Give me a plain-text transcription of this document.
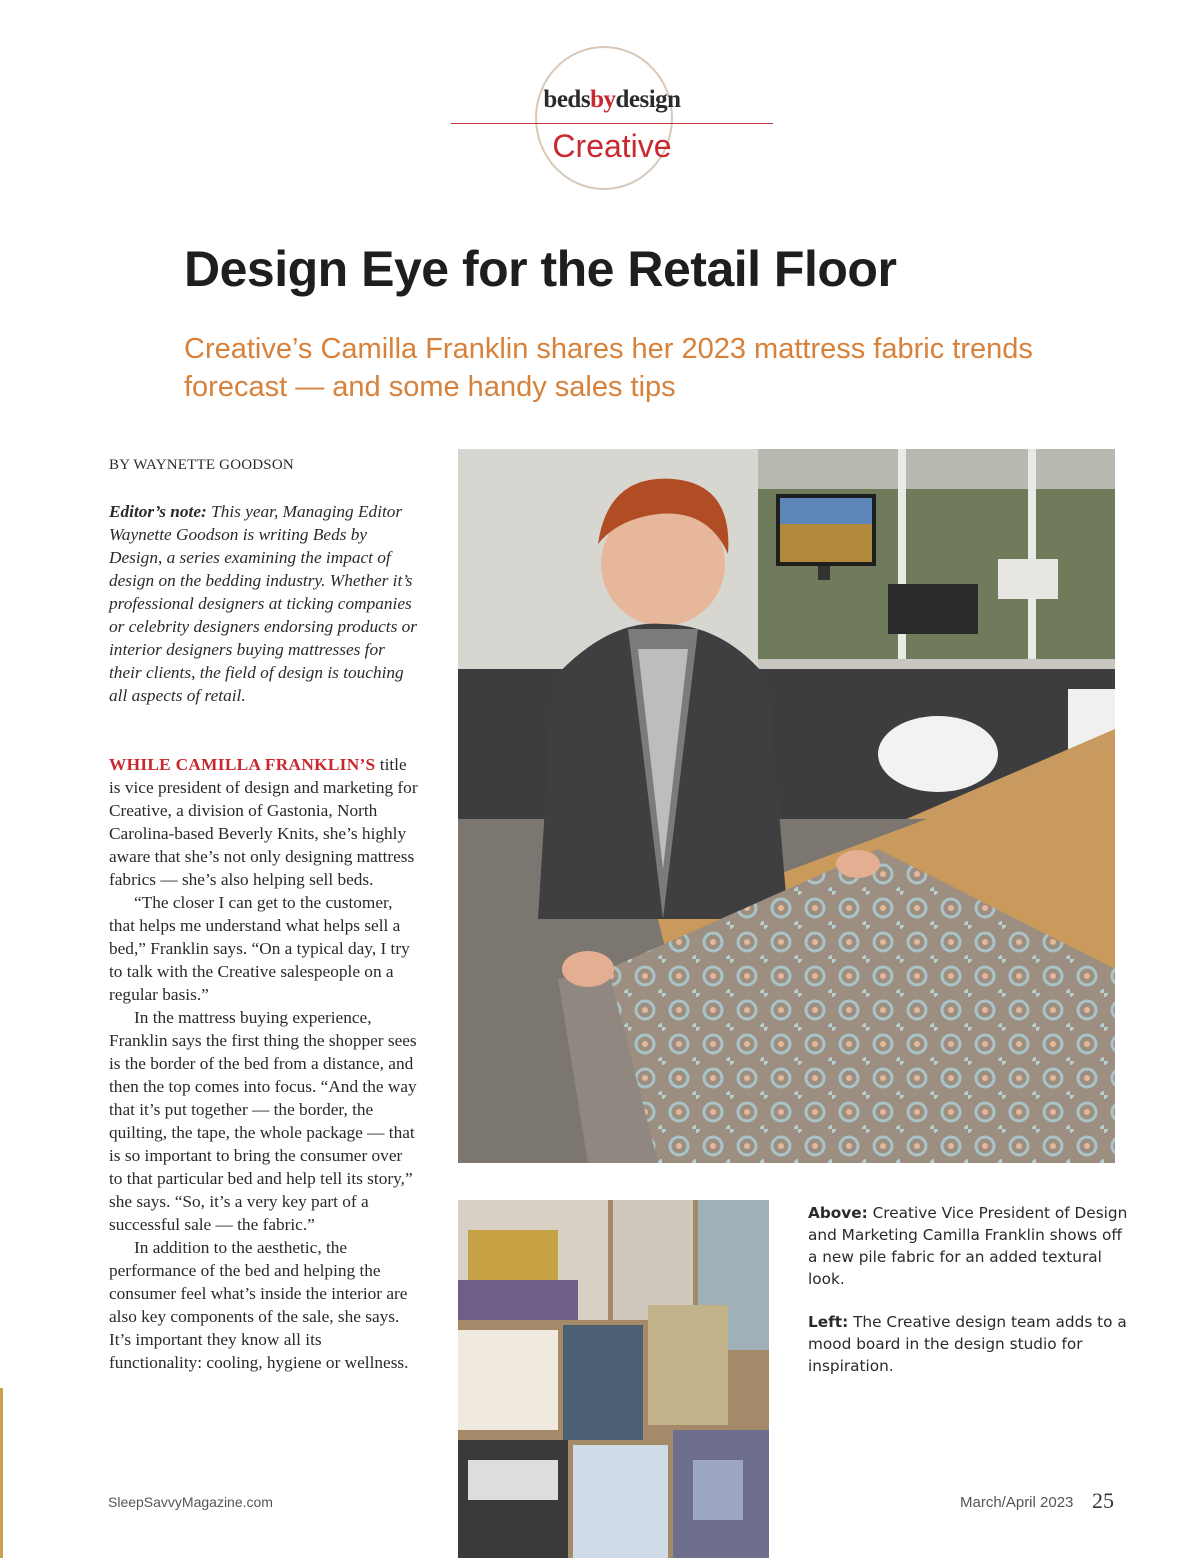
bedsbydesign
Creative
Design Eye for the Retail Floor
Creative’s Camilla Franklin shares her 2023 mattress fabric trends forecast — and some handy sales tips
BY WAYNETTE GOODSON
Editor’s note: This year, Managing Editor Waynette Goodson is writing Beds by Design, a series examining the impact of design on the bedding industry. Whether it’s professional designers at ticking companies or celebrity designers endorsing products or interior designers buying mattresses for their clients, the field of design is touching all aspects of retail.

WHILE CAMILLA FRANKLIN’S title is vice president of design and marketing for Creative, a division of Gastonia, North Carolina-based Beverly Knits, she’s highly aware that she’s not only designing mattress fabrics — she’s also helping sell beds.

“The closer I can get to the customer, that helps me understand what helps sell a bed,” Franklin says. “On a typical day, I try to talk with the Creative salespeople on a regular basis.”

In the mattress buying experience, Franklin says the first thing the shopper sees is the border of the bed from a distance, and then the top comes into focus. “And the way that it’s put together — the border, the quilting, the tape, the whole package — that is so important to bring the consumer over to that particular bed and help tell its story,” she says. “So, it’s a very key part of a successful sale — the fabric.”

In addition to the aesthetic, the performance of the bed and helping the consumer feel what’s inside the interior are also key components of the sale, she says. It’s important they know all its functionality: cooling, hygiene or wellness.

Above: Creative Vice President of Design and Marketing Camilla Franklin shows off a new pile fabric for an added textural look.
Left: The Creative design team adds to a mood board in the design studio for inspiration.
SleepSavvyMagazine.com	March/April 2023 25
